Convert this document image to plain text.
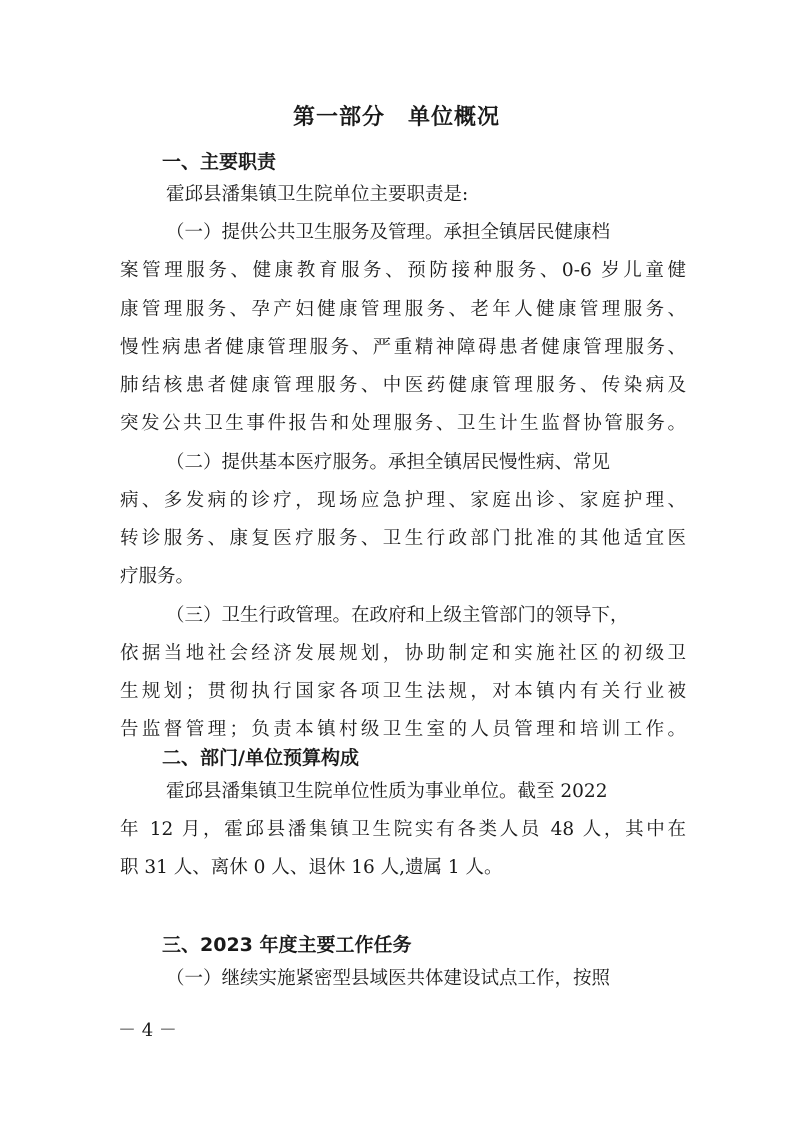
第一部分　单位概况
一、主要职责
霍邱县潘集镇卫生院单位主要职责是:
（一）提供公共卫生服务及管理。承担全镇居民健康档
案管理服务、健康教育服务、预防接种服务、0-6 岁儿童健
康管理服务、孕产妇健康管理服务、老年人健康管理服务、
慢性病患者健康管理服务、严重精神障碍患者健康管理服务、
肺结核患者健康管理服务、中医药健康管理服务、传染病及
突发公共卫生事件报告和处理服务、卫生计生监督协管服务。
（二）提供基本医疗服务。承担全镇居民慢性病、常见
病、多发病的诊疗，现场应急护理、家庭出诊、家庭护理、
转诊服务、康复医疗服务、卫生行政部门批准的其他适宜医
疗服务。
（三）卫生行政管理。在政府和上级主管部门的领导下，
依据当地社会经济发展规划，协助制定和实施社区的初级卫
生规划；贯彻执行国家各项卫生法规，对本镇内有关行业被
告监督管理；负责本镇村级卫生室的人员管理和培训工作。
二、部门/单位预算构成
霍邱县潘集镇卫生院单位性质为事业单位。截至 2022
年 12 月，霍邱县潘集镇卫生院实有各类人员 48 人，其中在
职 31 人、离休 0 人、退休 16 人,遗属 1 人。
三、2023 年度主要工作任务
（一）继续实施紧密型县域医共体建设试点工作，按照
－ 4 －
